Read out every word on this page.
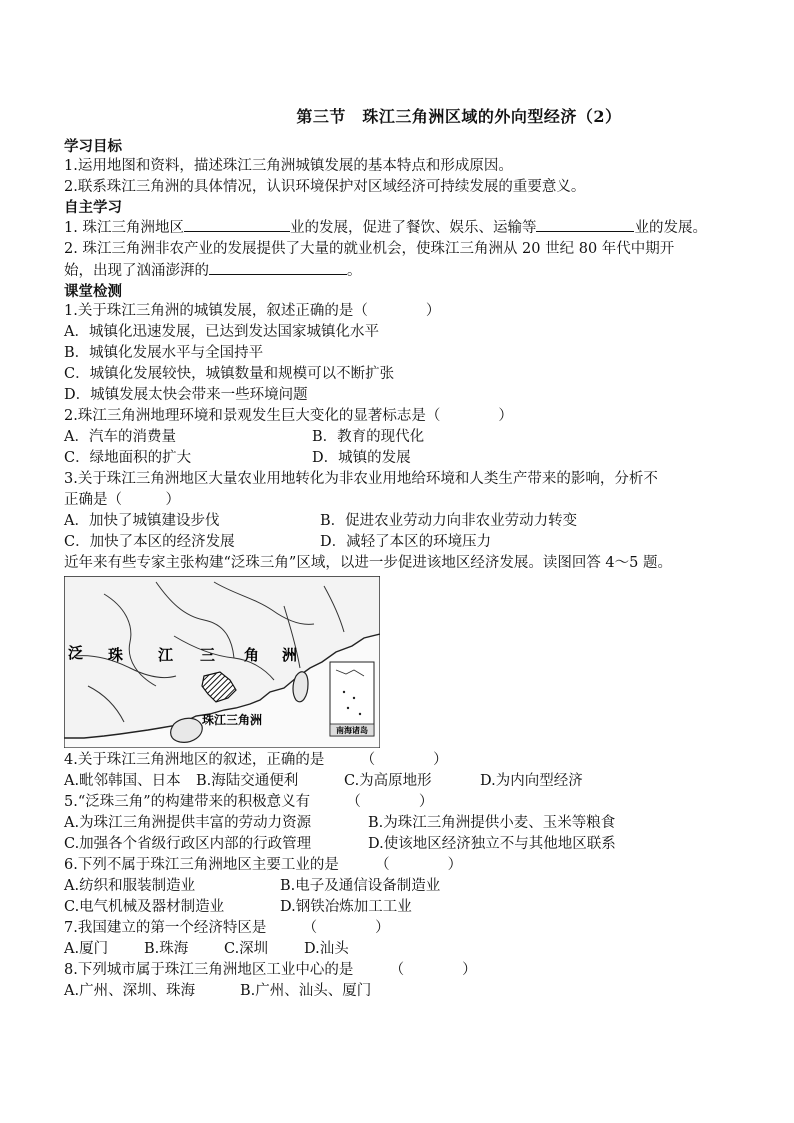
第三节　珠江三角洲区域的外向型经济（2）
学习目标
1.运用地图和资料，描述珠江三角洲城镇发展的基本特点和形成原因。
2.联系珠江三角洲的具体情况，认识环境保护对区域经济可持续发展的重要意义。
自主学习
1. 珠江三角洲地区	业的发展，促进了餐饮、娱乐、运输等	业的发展。
2. 珠江三角洲非农产业的发展提供了大量的就业机会，使珠江三角洲从 20 世纪 80 年代中期开
始，出现了汹涌澎湃的	。
课堂检测
1.关于珠江三角洲的城镇发展，叙述正确的是（　　　　）
A．城镇化迅速发展，已达到发达国家城镇化水平
B．城镇化发展水平与全国持平
C．城镇化发展较快，城镇数量和规模可以不断扩张
D．城镇发展太快会带来一些环境问题
2.珠江三角洲地理环境和景观发生巨大变化的显著标志是（　　　　）
A．汽车的消费量	B．教育的现代化
C．绿地面积的扩大	D．城镇的发展
3.关于珠江三角洲地区大量农业用地转化为非农业用地给环境和人类生产带来的影响，分析不
正确是（　　　）
A．加快了城镇建设步伐	B．促进农业劳动力向非农业劳动力转变
C．加快了本区的经济发展	D．减轻了本区的环境压力
近年来有些专家主张构建“泛珠三角”区域，以进一步促进该地区经济发展。读图回答 4～5 题。
南海诸岛
泛 珠 江 三 角 洲
珠江三角洲
4.关于珠江三角洲地区的叙述，正确的是　　　（　　　　）
A.毗邻韩国、日本	B.海陆交通便利	C.为高原地形	D.为内向型经济
5.“泛珠三角”的构建带来的积极意义有　　　（　　　　）
A.为珠江三角洲提供丰富的劳动力资源	B.为珠江三角洲提供小麦、玉米等粮食
C.加强各个省级行政区内部的行政管理	D.使该地区经济独立不与其他地区联系
6.下列不属于珠江三角洲地区主要工业的是　　　（　　　　）
A.纺织和服装制造业	B.电子及通信设备制造业
C.电气机械及器材制造业	D.钢铁冶炼加工工业
7.我国建立的第一个经济特区是　　　（　　　　）
A.厦门	B.珠海	C.深圳	D.汕头
8.下列城市属于珠江三角洲地区工业中心的是　　　（　　　　）
A.广州、深圳、珠海	B.广州、汕头、厦门
